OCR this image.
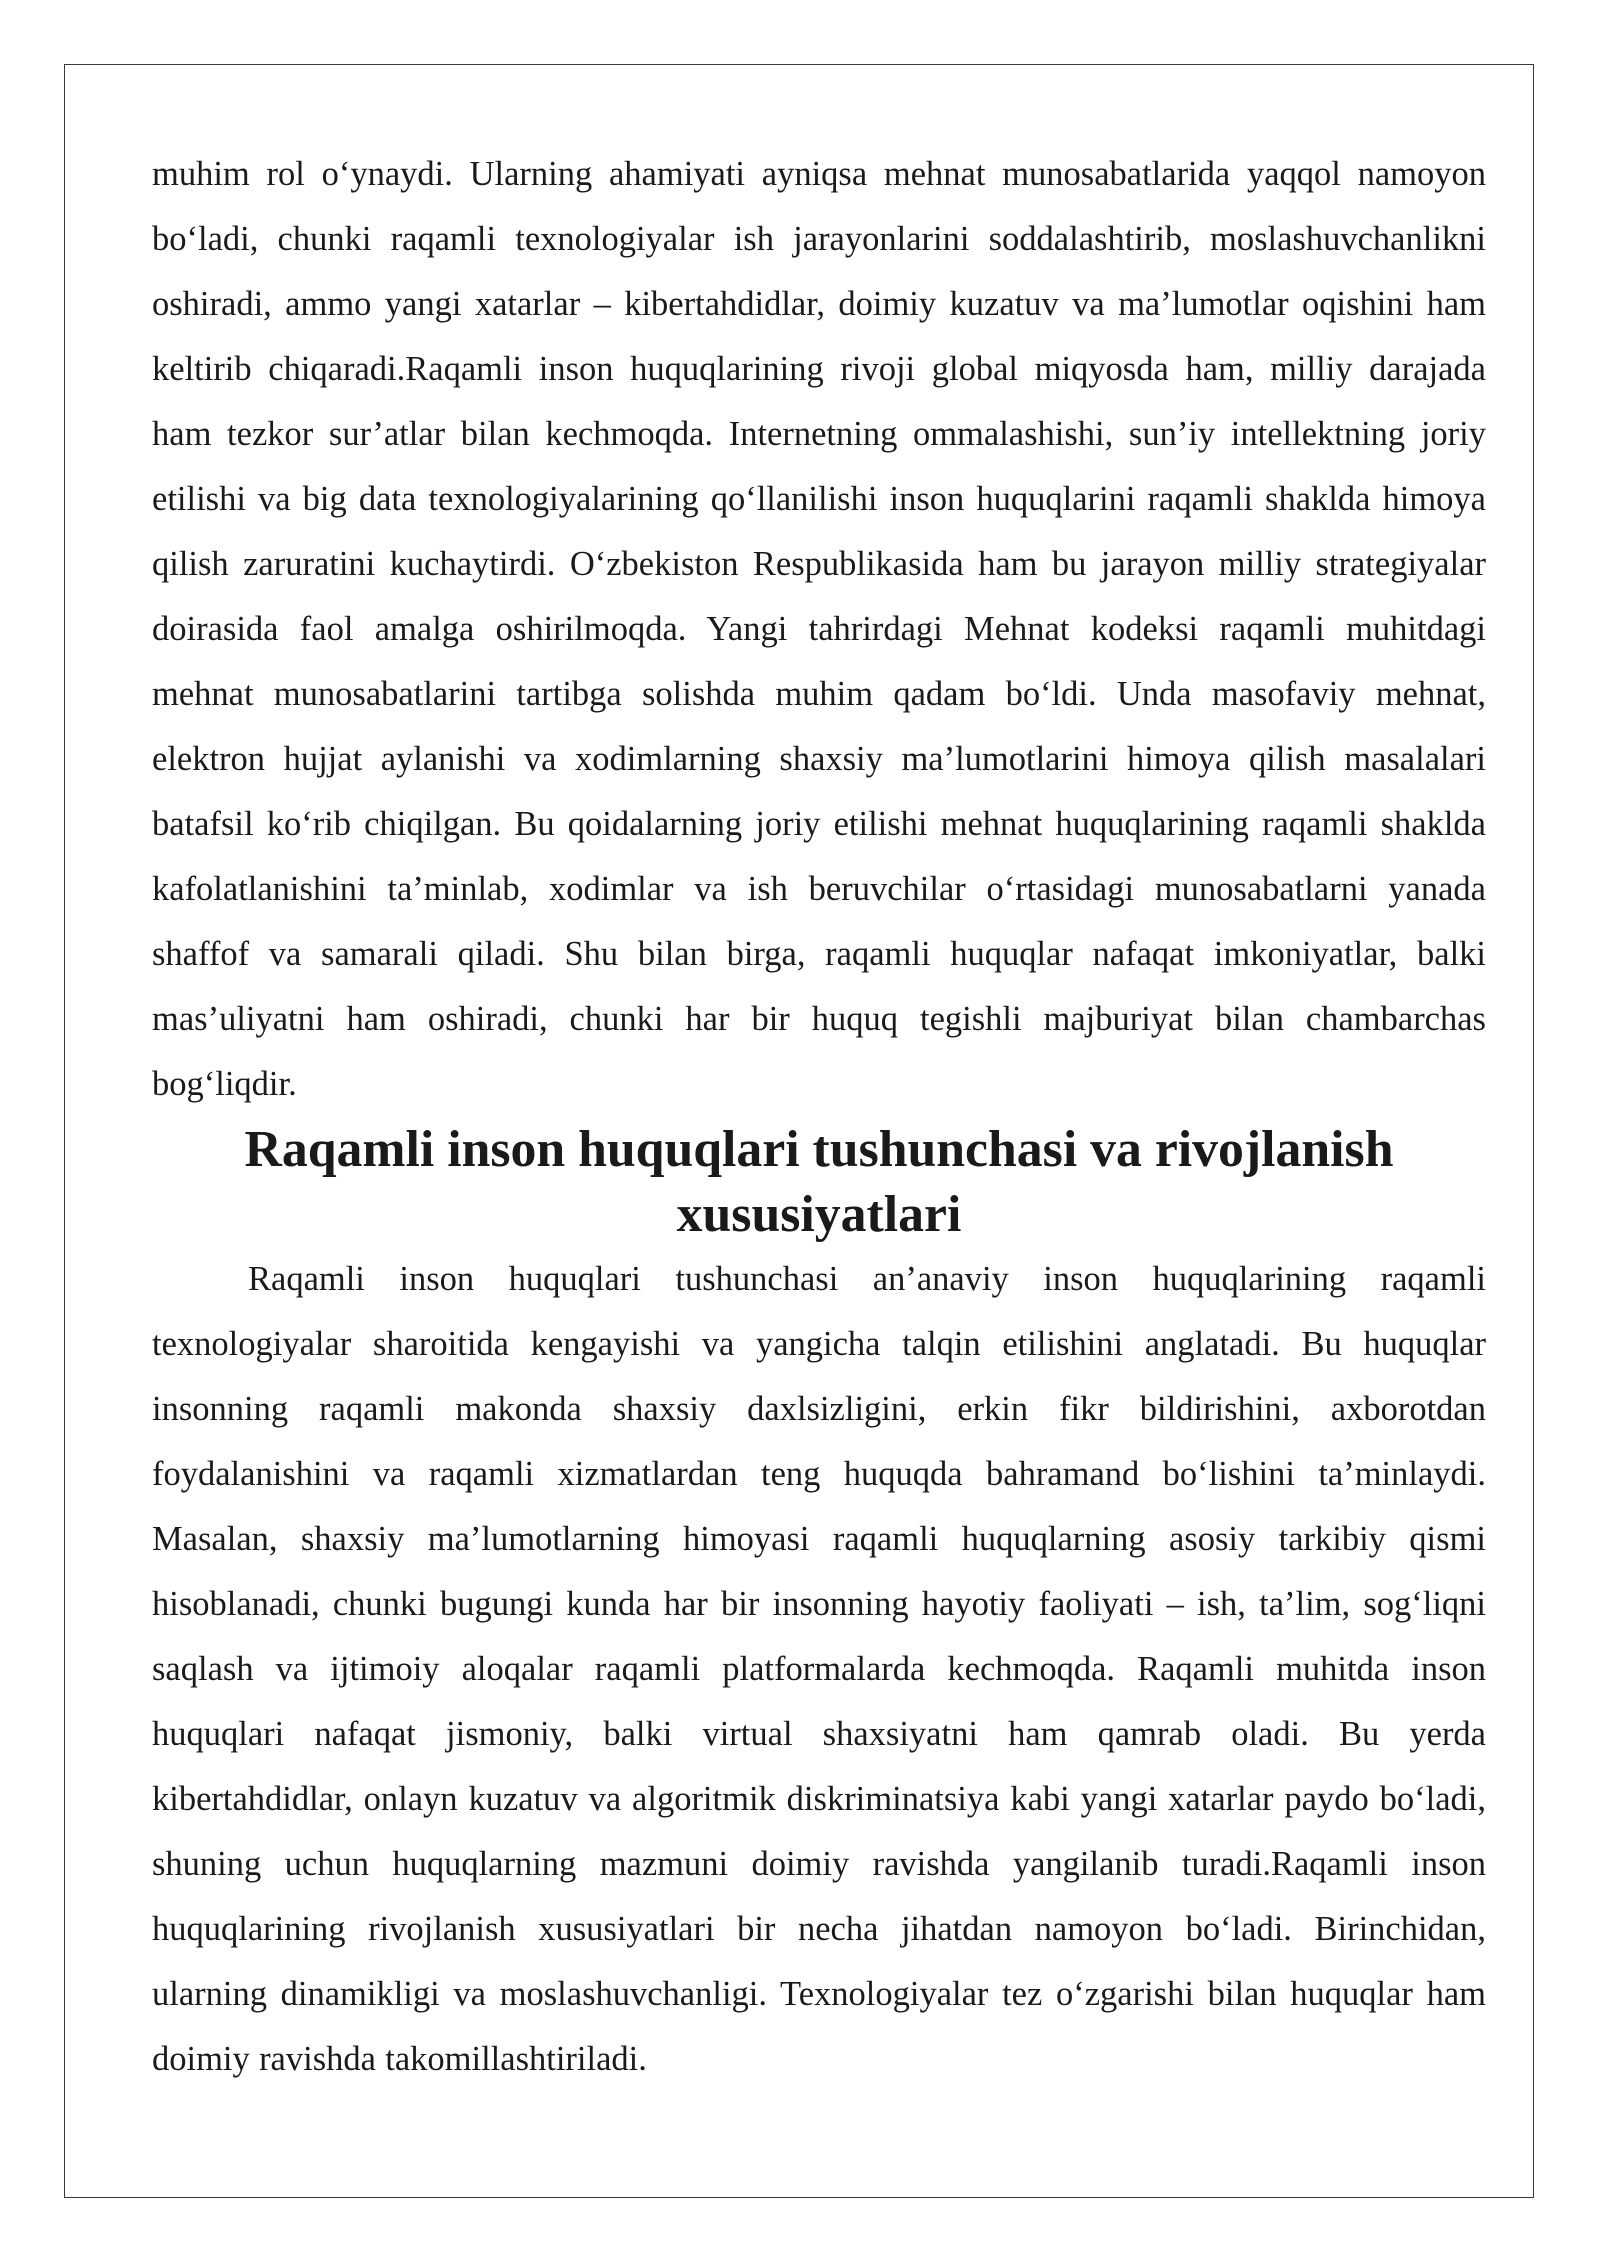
muhim rol o‘ynaydi. Ularning ahamiyati ayniqsa mehnat munosabatlarida yaqqol namoyon bo‘ladi, chunki raqamli texnologiyalar ish jarayonlarini soddalashtirib, moslashuvchanlikni oshiradi, ammo yangi xatarlar – kibertahdidlar, doimiy kuzatuv va ma’lumotlar oqishini ham keltirib chiqaradi.Raqamli inson huquqlarining rivoji global miqyosda ham, milliy darajada ham tezkor sur’atlar bilan kechmoqda. Internetning ommalashishi, sun’iy intellektning joriy etilishi va big data texnologiyalarining qo‘llanilishi inson huquqlarini raqamli shaklda himoya qilish zaruratini kuchaytirdi. O‘zbekiston Respublikasida ham bu jarayon milliy strategiyalar doirasida faol amalga oshirilmoqda. Yangi tahrirdagi Mehnat kodeksi raqamli muhitdagi mehnat munosabatlarini tartibga solishda muhim qadam bo‘ldi. Unda masofaviy mehnat, elektron hujjat aylanishi va xodimlarning shaxsiy ma’lumotlarini himoya qilish masalalari batafsil ko‘rib chiqilgan. Bu qoidalarning joriy etilishi mehnat huquqlarining raqamli shaklda kafolatlanishini ta’minlab, xodimlar va ish beruvchilar o‘rtasidagi munosabatlarni yanada shaffof va samarali qiladi. Shu bilan birga, raqamli huquqlar nafaqat imkoniyatlar, balki mas’uliyatni ham oshiradi, chunki har bir huquq tegishli majburiyat bilan chambarchas bog‘liqdir.

Raqamli inson huquqlari tushunchasi va rivojlanish xususiyatlari

Raqamli inson huquqlari tushunchasi an’anaviy inson huquqlarining raqamli texnologiyalar sharoitida kengayishi va yangicha talqin etilishini anglatadi. Bu huquqlar insonning raqamli makonda shaxsiy daxlsizligini, erkin fikr bildirishini, axborotdan foydalanishini va raqamli xizmatlardan teng huquqda bahramand bo‘lishini ta’minlaydi. Masalan, shaxsiy ma’lumotlarning himoyasi raqamli huquqlarning asosiy tarkibiy qismi hisoblanadi, chunki bugungi kunda har bir insonning hayotiy faoliyati – ish, ta’lim, sog‘liqni saqlash va ijtimoiy aloqalar raqamli platformalarda kechmoqda. Raqamli muhitda inson huquqlari nafaqat jismoniy, balki virtual shaxsiyatni ham qamrab oladi. Bu yerda kibertahdidlar, onlayn kuzatuv va algoritmik diskriminatsiya kabi yangi xatarlar paydo bo‘ladi, shuning uchun huquqlarning mazmuni doimiy ravishda yangilanib turadi.Raqamli inson huquqlarining rivojlanish xususiyatlari bir necha jihatdan namoyon bo‘ladi. Birinchidan, ularning dinamikligi va moslashuvchanligi. Texnologiyalar tez o‘zgarishi bilan huquqlar ham doimiy ravishda takomillashtiriladi.
